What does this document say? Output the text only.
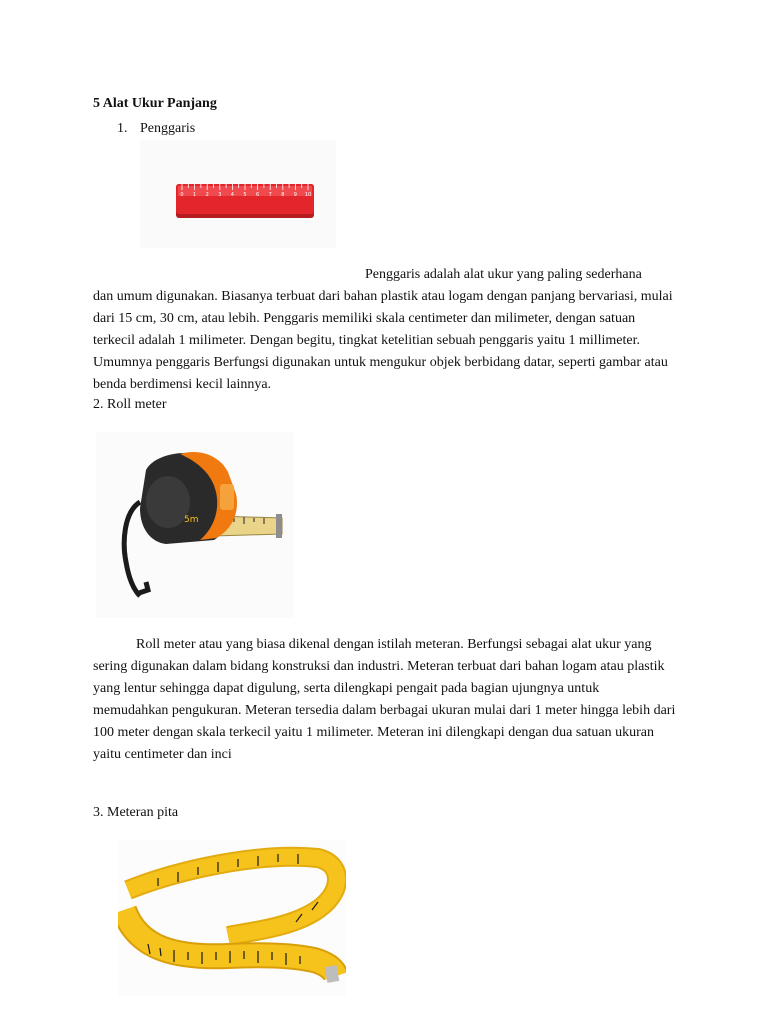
5 Alat Ukur Panjang

1. Penggaris

0 1 2 3 4 5 6 7 8 9 10

Penggaris adalah alat ukur yang paling sederhana
dan umum digunakan. Biasanya terbuat dari bahan plastik atau logam dengan panjang bervariasi, mulai dari 15 cm, 30 cm, atau lebih. Penggaris memiliki skala centimeter dan milimeter, dengan satuan terkecil adalah 1 milimeter. Dengan begitu, tingkat ketelitian sebuah penggaris yaitu 1 millimeter. Umumnya penggaris Berfungsi digunakan untuk mengukur objek berbidang datar, seperti gambar atau benda berdimensi kecil lainnya.

2. Roll meter

5m

Roll meter atau yang biasa dikenal dengan istilah meteran. Berfungsi sebagai alat ukur yang sering digunakan dalam bidang konstruksi dan industri. Meteran terbuat dari bahan logam atau plastik yang lentur sehingga dapat digulung, serta dilengkapi pengait pada bagian ujungnya untuk memudahkan pengukuran. Meteran tersedia dalam berbagai ukuran mulai dari 1 meter hingga lebih dari 100 meter dengan skala terkecil yaitu 1 milimeter. Meteran ini dilengkapi dengan dua satuan ukuran yaitu centimeter dan inci

3. Meteran pita
